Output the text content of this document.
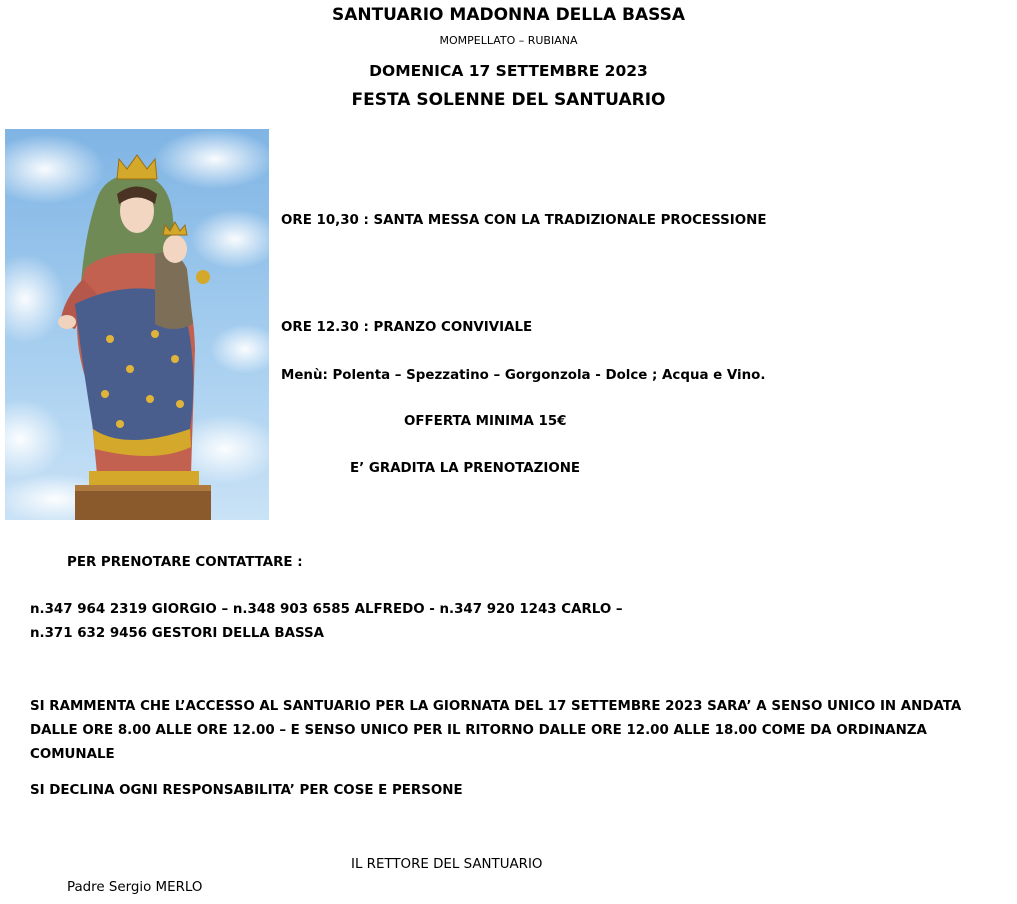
SANTUARIO MADONNA DELLA BASSA
MOMPELLATO – RUBIANA
DOMENICA 17 SETTEMBRE 2023
FESTA SOLENNE DEL SANTUARIO
ORE 10,30 : SANTA MESSA CON LA TRADIZIONALE PROCESSIONE
ORE 12.30 : PRANZO CONVIVIALE
Menù: Polenta – Spezzatino – Gorgonzola - Dolce ; Acqua e Vino.
OFFERTA MINIMA 15€
E’ GRADITA LA PRENOTAZIONE
PER PRENOTARE CONTATTARE :
n.347 964 2319 GIORGIO – n.348 903 6585 ALFREDO - n.347 920 1243 CARLO –
n.371 632 9456 GESTORI DELLA BASSA
SI RAMMENTA CHE L’ACCESSO AL SANTUARIO PER LA GIORNATA DEL 17 SETTEMBRE 2023 SARA’ A SENSO UNICO IN ANDATA
DALLE ORE 8.00 ALLE ORE 12.00 – E SENSO UNICO PER IL RITORNO DALLE ORE 12.00 ALLE 18.00 COME DA ORDINANZA
COMUNALE
SI DECLINA OGNI RESPONSABILITA’ PER COSE E PERSONE
IL RETTORE DEL SANTUARIO
Padre Sergio MERLO
